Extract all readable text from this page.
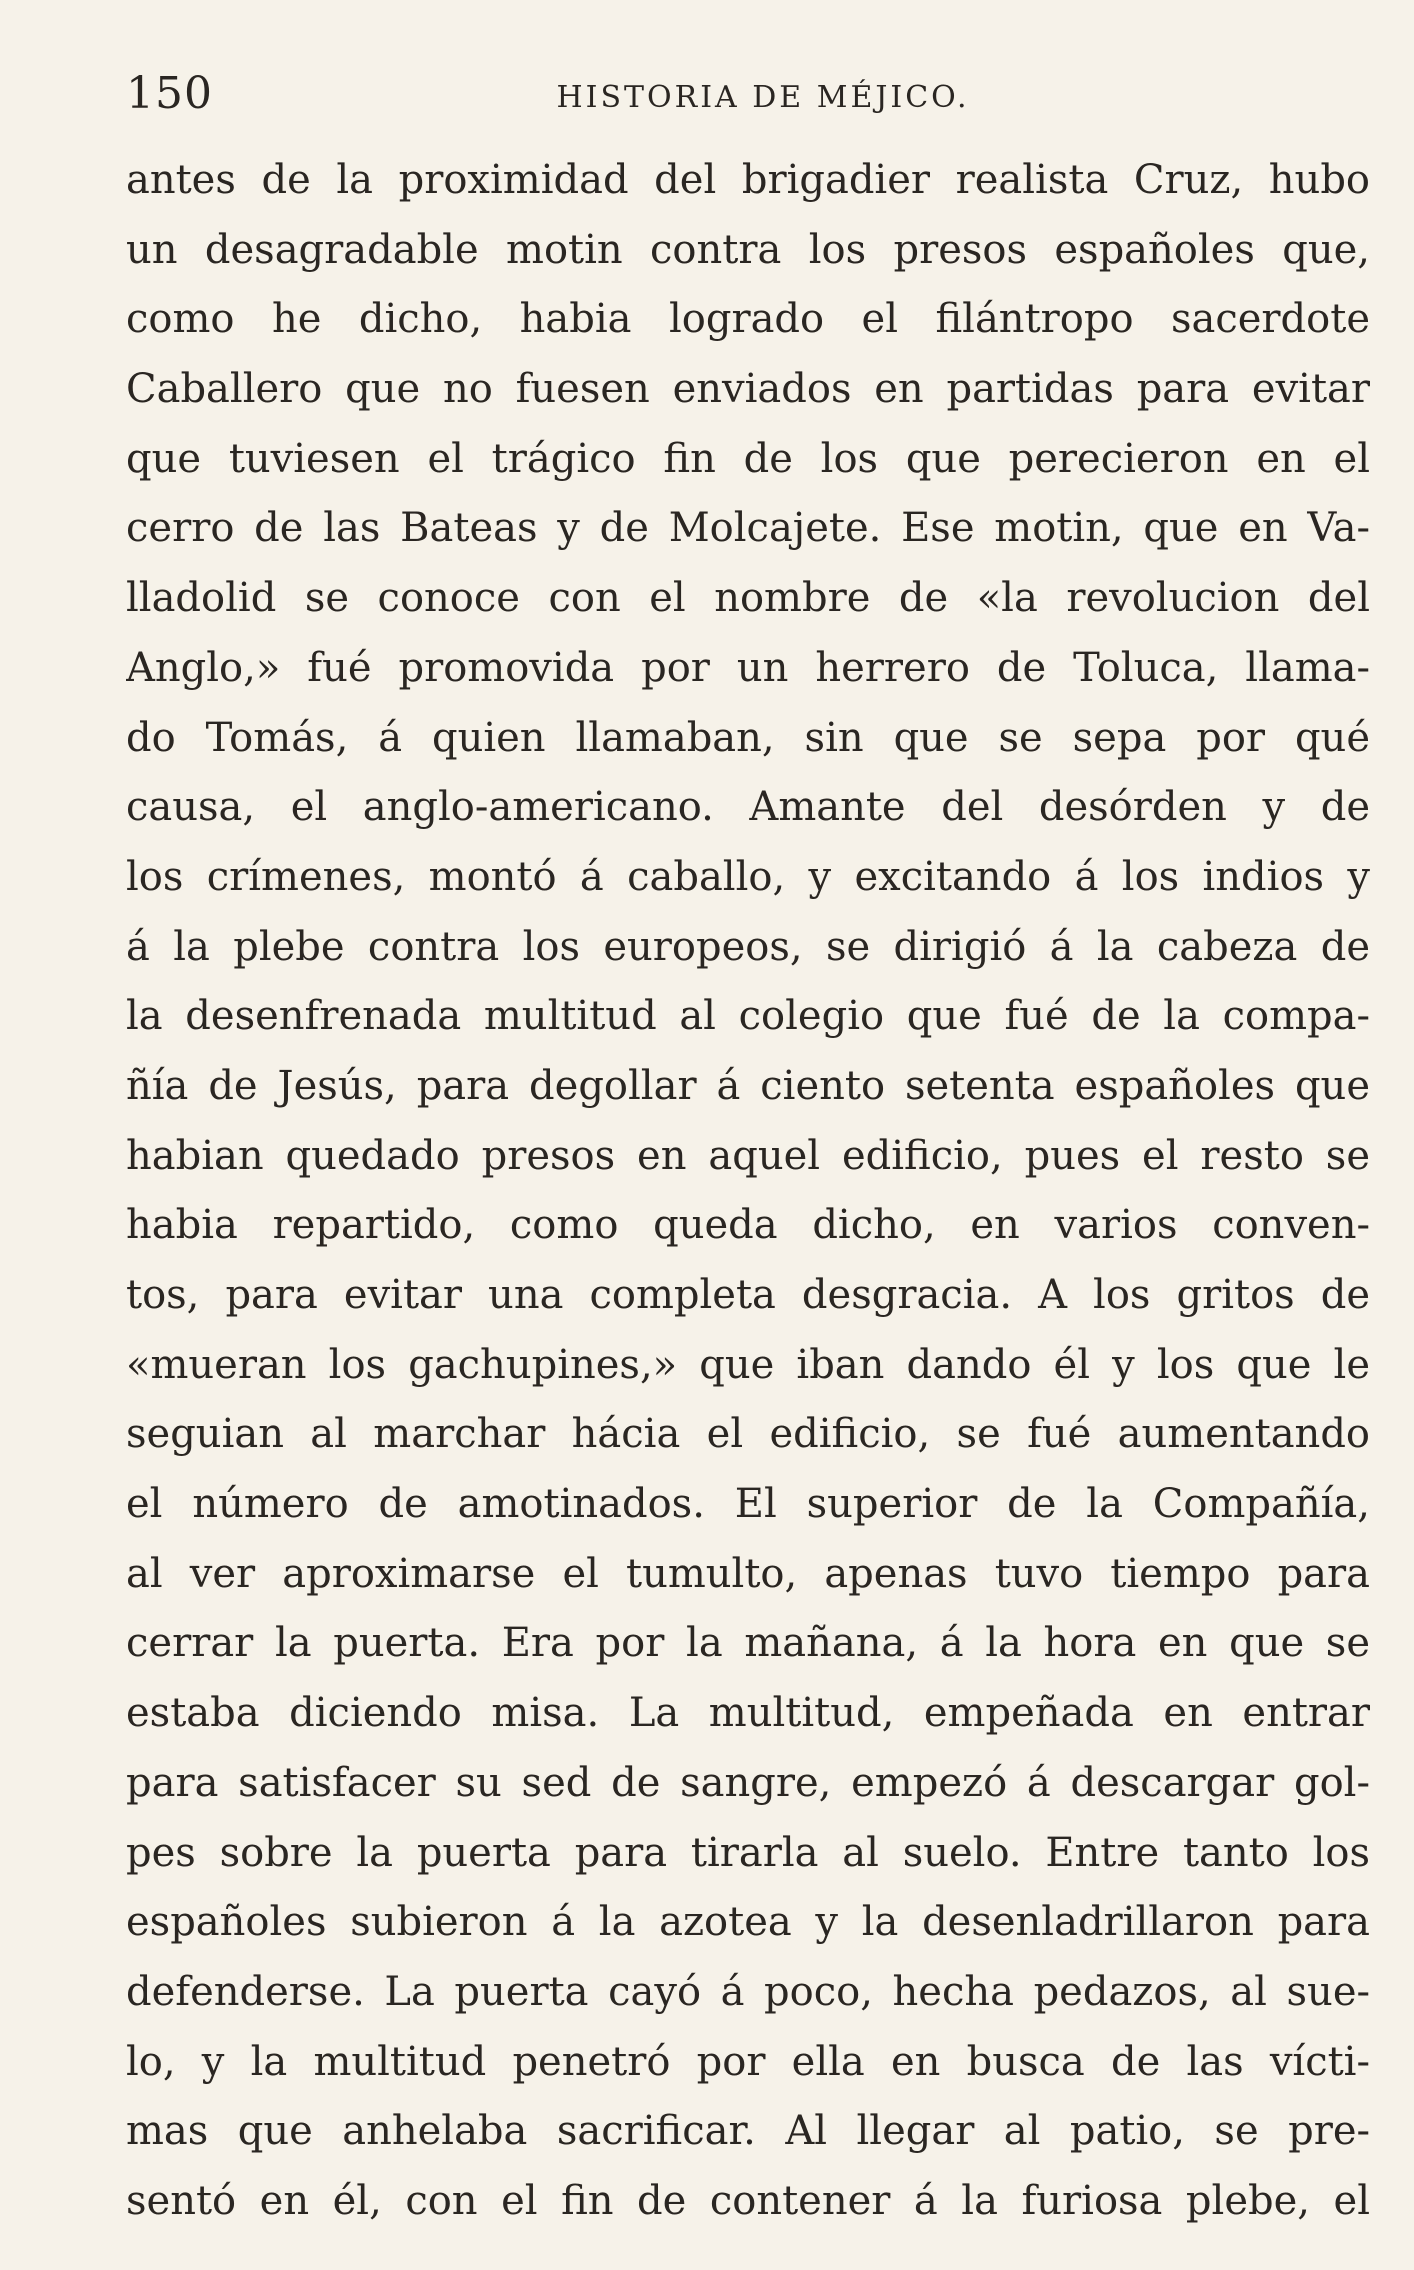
150	HISTORIA DE MÉJICO.
antes de la proximidad del brigadier realista Cruz, hubo
un desagradable motin contra los presos españoles que,
como he dicho, habia logrado el filántropo sacerdote
Caballero que no fuesen enviados en partidas para evitar
que tuviesen el trágico fin de los que perecieron en el
cerro de las Bateas y de Molcajete. Ese motin, que en Va-
lladolid se conoce con el nombre de «la revolucion del
Anglo,» fué promovida por un herrero de Toluca, llama-
do Tomás, á quien llamaban, sin que se sepa por qué
causa, el anglo-americano. Amante del desórden y de
los crímenes, montó á caballo, y excitando á los indios y
á la plebe contra los europeos, se dirigió á la cabeza de
la desenfrenada multitud al colegio que fué de la compa-
ñía de Jesús, para degollar á ciento setenta españoles que
habian quedado presos en aquel edificio, pues el resto se
habia repartido, como queda dicho, en varios conven-
tos, para evitar una completa desgracia. A los gritos de
«mueran los gachupines,» que iban dando él y los que le
seguian al marchar hácia el edificio, se fué aumentando
el número de amotinados. El superior de la Compañía,
al ver aproximarse el tumulto, apenas tuvo tiempo para
cerrar la puerta. Era por la mañana, á la hora en que se
estaba diciendo misa. La multitud, empeñada en entrar
para satisfacer su sed de sangre, empezó á descargar gol-
pes sobre la puerta para tirarla al suelo. Entre tanto los
españoles subieron á la azotea y la desenladrillaron para
defenderse. La puerta cayó á poco, hecha pedazos, al sue-
lo, y la multitud penetró por ella en busca de las vícti-
mas que anhelaba sacrificar. Al llegar al patio, se pre-
sentó en él, con el fin de contener á la furiosa plebe, el
